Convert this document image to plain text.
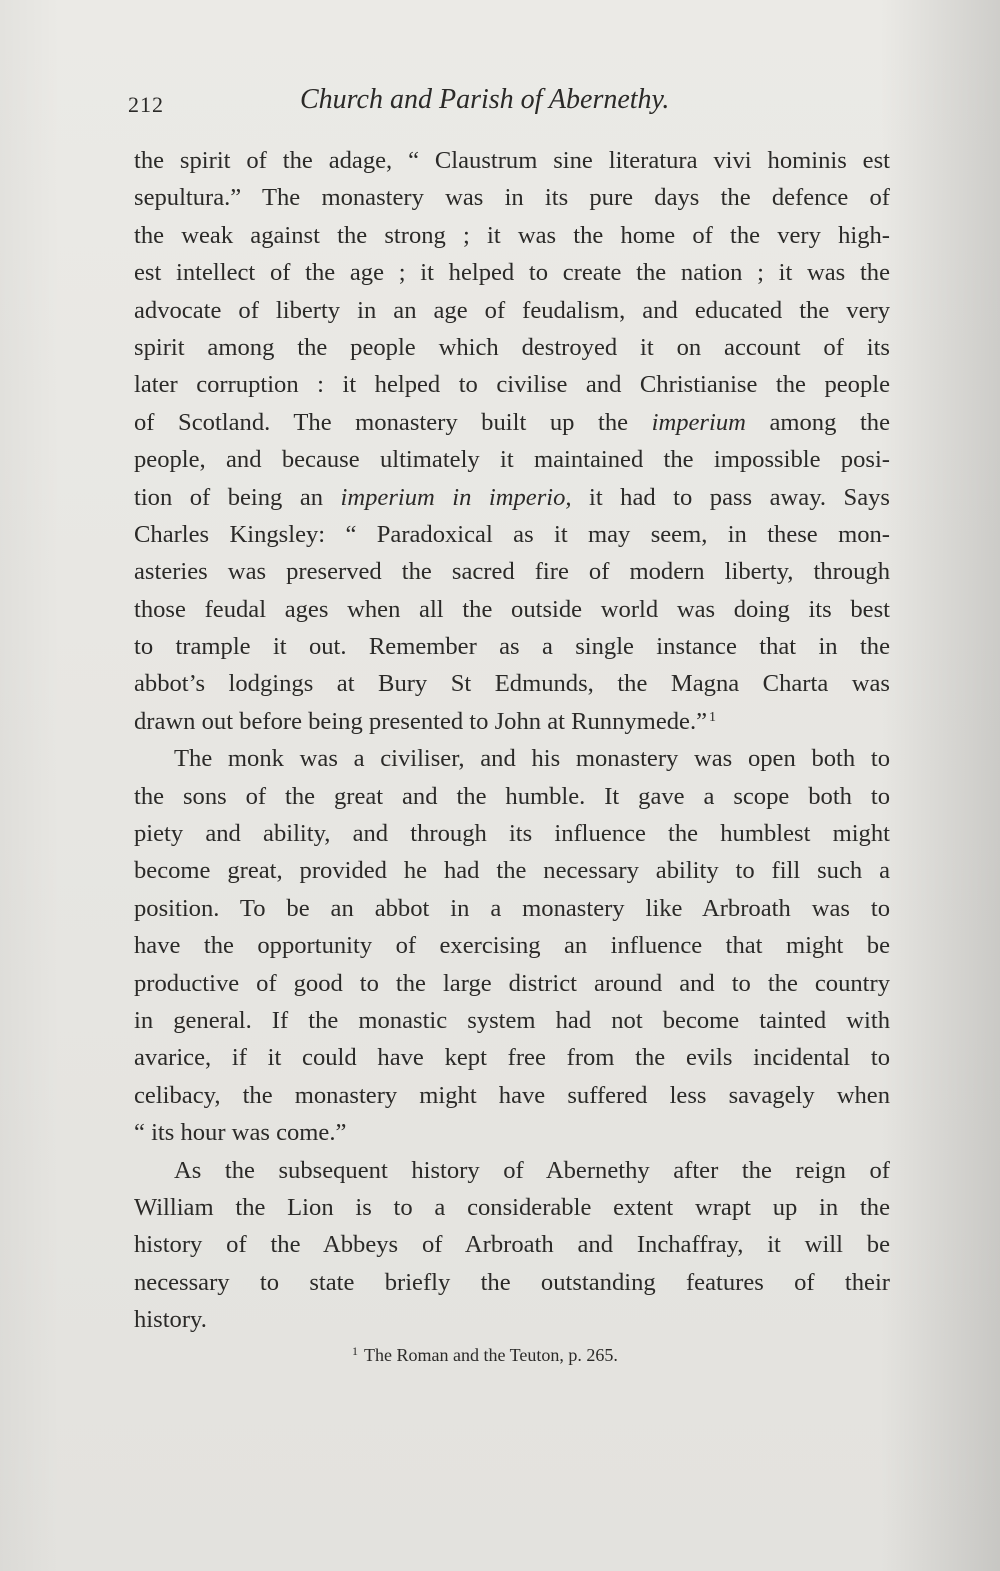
212	Church and Parish of Abernethy.
the spirit of the adage, “ Claustrum sine literatura vivi hominis est
sepultura.” The monastery was in its pure days the defence of
the weak against the strong ; it was the home of the very high-
est intellect of the age ; it helped to create the nation ; it was the
advocate of liberty in an age of feudalism, and educated the very
spirit among the people which destroyed it on account of its
later corruption : it helped to civilise and Christianise the people
of Scotland. The monastery built up the imperium among the
people, and because ultimately it maintained the impossible posi-
tion of being an imperium in imperio, it had to pass away. Says
Charles Kingsley: “ Paradoxical as it may seem, in these mon-
asteries was preserved the sacred fire of modern liberty, through
those feudal ages when all the outside world was doing its best
to trample it out. Remember as a single instance that in the
abbot’s lodgings at Bury St Edmunds, the Magna Charta was
drawn out before being presented to John at Runnymede.” $^1$
The monk was a civiliser, and his monastery was open both to
the sons of the great and the humble. It gave a scope both to
piety and ability, and through its influence the humblest might
become great, provided he had the necessary ability to fill such a
position. To be an abbot in a monastery like Arbroath was to
have the opportunity of exercising an influence that might be
productive of good to the large district around and to the country
in general. If the monastic system had not become tainted with
avarice, if it could have kept free from the evils incidental to
celibacy, the monastery might have suffered less savagely when
“ its hour was come.”
As the subsequent history of Abernethy after the reign of
William the Lion is to a considerable extent wrapt up in the
history of the Abbeys of Arbroath and Inchaffray, it will be
necessary to state briefly the outstanding features of their
history.
$^1$ The Roman and the Teuton, p. 265.
